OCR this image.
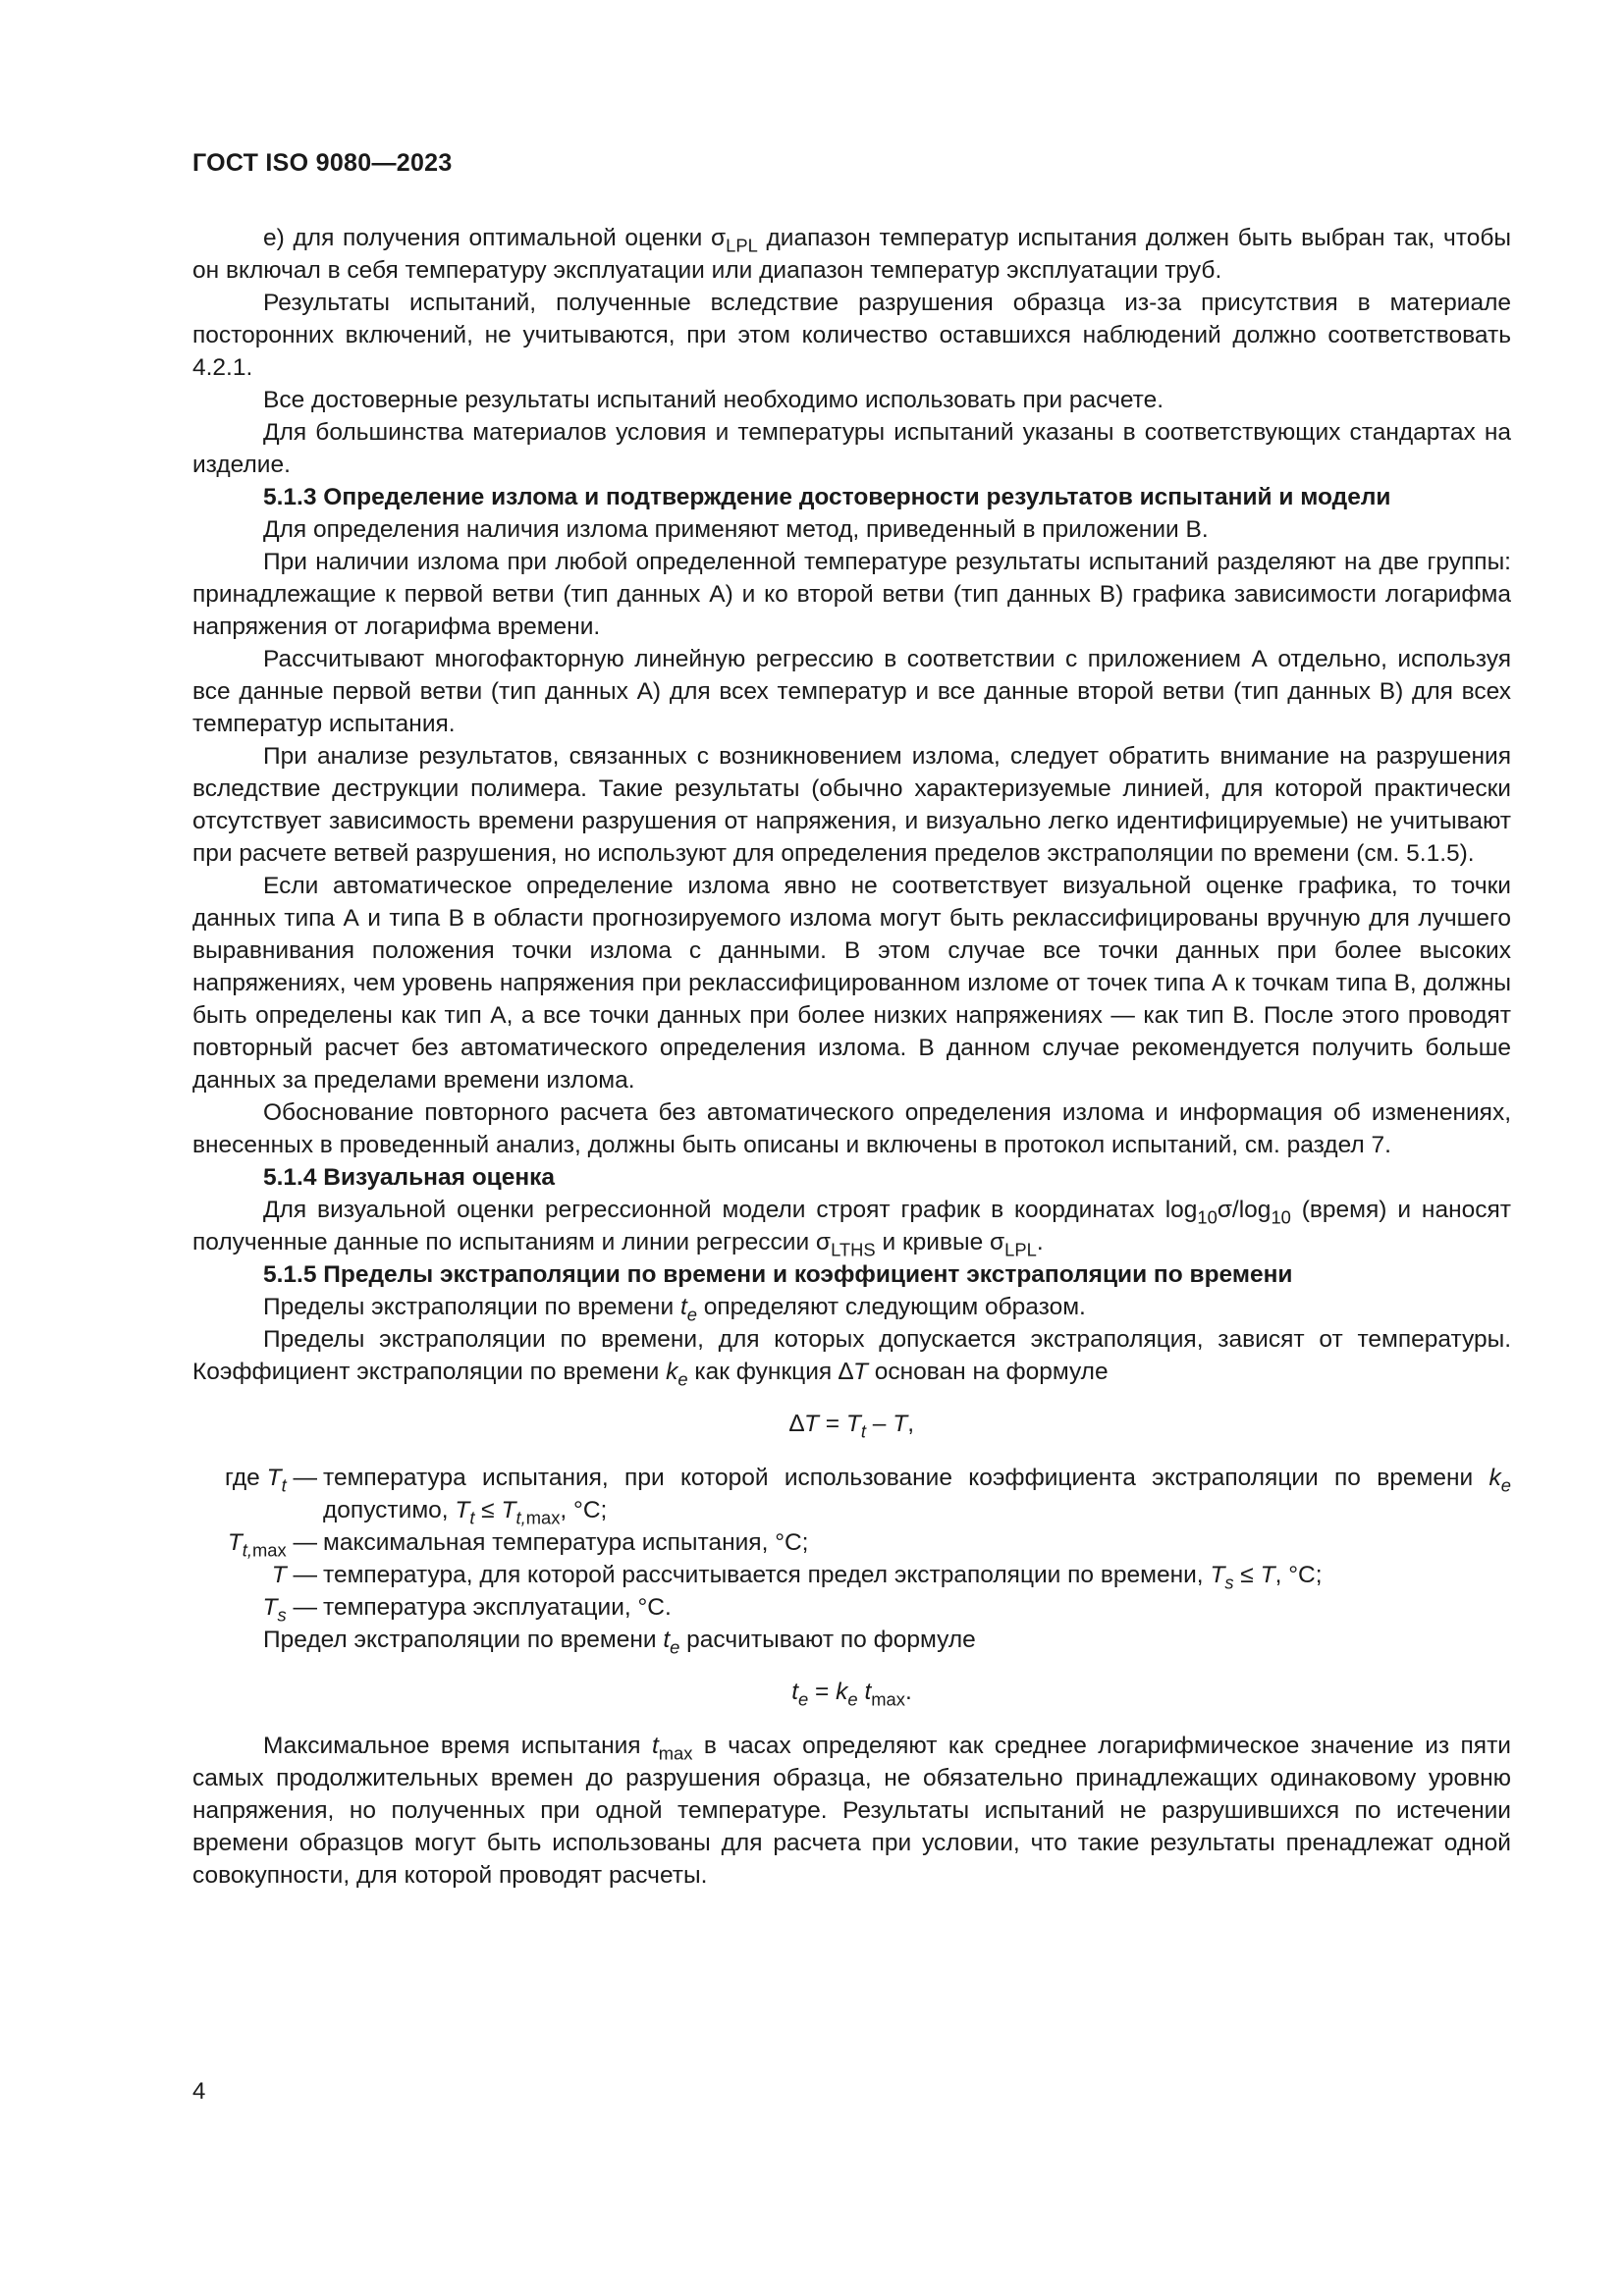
ГОСТ ISO 9080—2023

е) для получения оптимальной оценки $\sigma_{LPL}$ диапазон температур испытания должен быть выбран так, чтобы он включал в себя температуру эксплуатации или диапазон температур эксплуатации труб.

Результаты испытаний, полученные вследствие разрушения образца из-за присутствия в материале посторонних включений, не учитываются, при этом количество оставшихся наблюдений должно соответствовать 4.2.1.

Все достоверные результаты испытаний необходимо использовать при расчете.

Для большинства материалов условия и температуры испытаний указаны в соответствующих стандартах на изделие.

5.1.3 Определение излома и подтверждение достоверности результатов испытаний и модели

Для определения наличия излома применяют метод, приведенный в приложении В.

При наличии излома при любой определенной температуре результаты испытаний разделяют на две группы: принадлежащие к первой ветви (тип данных А) и ко второй ветви (тип данных В) графика зависимости логарифма напряжения от логарифма времени.

Рассчитывают многофакторную линейную регрессию в соответствии с приложением А отдельно, используя все данные первой ветви (тип данных А) для всех температур и все данные второй ветви (тип данных В) для всех температур испытания.

При анализе результатов, связанных с возникновением излома, следует обратить внимание на разрушения вследствие деструкции полимера. Такие результаты (обычно характеризуемые линией, для которой практически отсутствует зависимость времени разрушения от напряжения, и визуально легко идентифицируемые) не учитывают при расчете ветвей разрушения, но используют для определения пределов экстраполяции по времени (см. 5.1.5).

Если автоматическое определение излома явно не соответствует визуальной оценке графика, то точки данных типа А и типа В в области прогнозируемого излома могут быть реклассифицированы вручную для лучшего выравнивания положения точки излома с данными. В этом случае все точки данных при более высоких напряжениях, чем уровень напряжения при реклассифицированном изломе от точек типа А к точкам типа В, должны быть определены как тип А, а все точки данных при более низких напряжениях — как тип В. После этого проводят повторный расчет без автоматического определения излома. В данном случае рекомендуется получить больше данных за пределами времени излома.

Обоснование повторного расчета без автоматического определения излома и информация об изменениях, внесенных в проведенный анализ, должны быть описаны и включены в протокол испытаний, см. раздел 7.

5.1.4 Визуальная оценка

Для визуальной оценки регрессионной модели строят график в координатах $\log_{10}\sigma/\log_{10}$ (время) и наносят полученные данные по испытаниям и линии регрессии $\sigma_{LTHS}$ и кривые $\sigma_{LPL}$.

5.1.5 Пределы экстраполяции по времени и коэффициент экстраполяции по времени

Пределы экстраполяции по времени $t_e$ определяют следующим образом.

Пределы экстраполяции по времени, для которых допускается экстраполяция, зависят от температуры. Коэффициент экстраполяции по времени $k_e$ как функция ∆T основан на формуле

$\Delta T = T_t - T$,

где $T_t$ — температура испытания, при которой использование коэффициента экстраполяции по времени $k_e$ допустимо, $T_t \le T_{t,max}$, °С;
$T_{t,max}$ — максимальная температура испытания, °С;
T — температура, для которой рассчитывается предел экстраполяции по времени, $T_s \le T$, °С;
$T_s$ — температура эксплуатации, °С.

Предел экстраполяции по времени $t_e$ расчитывают по формуле

$t_e = k_e$ $t_{max}$.

Максимальное время испытания $t_{max}$ в часах определяют как среднее логарифмическое значение из пяти самых продолжительных времен до разрушения образца, не обязательно принадлежащих одинаковому уровню напряжения, но полученных при одной температуре. Результаты испытаний не разрушившихся по истечении времени образцов могут быть использованы для расчета при условии, что такие результаты пренадлежат одной совокупности, для которой проводят расчеты.

4
